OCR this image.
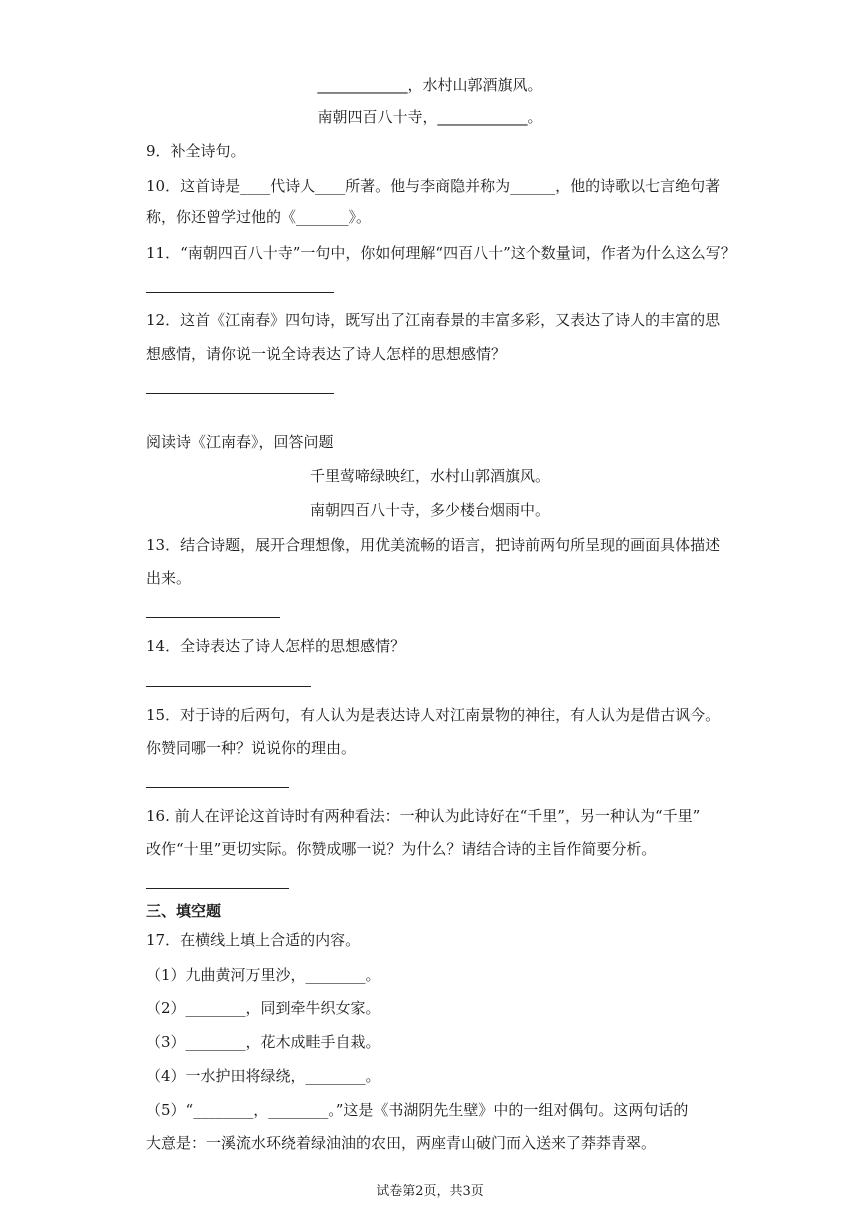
____________，水村山郭酒旗风。
南朝四百八十寺，____________。
9．补全诗句。
10．这首诗是____代诗人____所著。他与李商隐并称为______，他的诗歌以七言绝句著
称，你还曾学过他的《_______》。
11．“南朝四百八十寺”一句中，你如何理解“四百八十”这个数量词，作者为什么这么写？
12．这首《江南春》四句诗，既写出了江南春景的丰富多彩，又表达了诗人的丰富的思
想感情，请你说一说全诗表达了诗人怎样的思想感情？
阅读诗《江南春》，回答问题
千里莺啼绿映红，水村山郭酒旗风。
南朝四百八十寺，多少楼台烟雨中。
13．结合诗题，展开合理想像，用优美流畅的语言，把诗前两句所呈现的画面具体描述
出来。
14．全诗表达了诗人怎样的思想感情？
15．对于诗的后两句，有人认为是表达诗人对江南景物的神往，有人认为是借古讽今。
你赞同哪一种？说说你的理由。
16. 前人在评论这首诗时有两种看法：一种认为此诗好在“千里”，另一种认为“千里”
改作“十里”更切实际。你赞成哪一说？为什么？请结合诗的主旨作简要分析。
三、填空题
17．在横线上填上合适的内容。
（1）九曲黄河万里沙，________。
（2）________，同到牵牛织女家。
（3）________，花木成畦手自栽。
（4）一水护田将绿绕，________。
（5）“________，________。”这是《书湖阴先生壁》中的一组对偶句。这两句话的
大意是：一溪流水环绕着绿油油的农田，两座青山破门而入送来了莽莽青翠。
试卷第2页，共3页
